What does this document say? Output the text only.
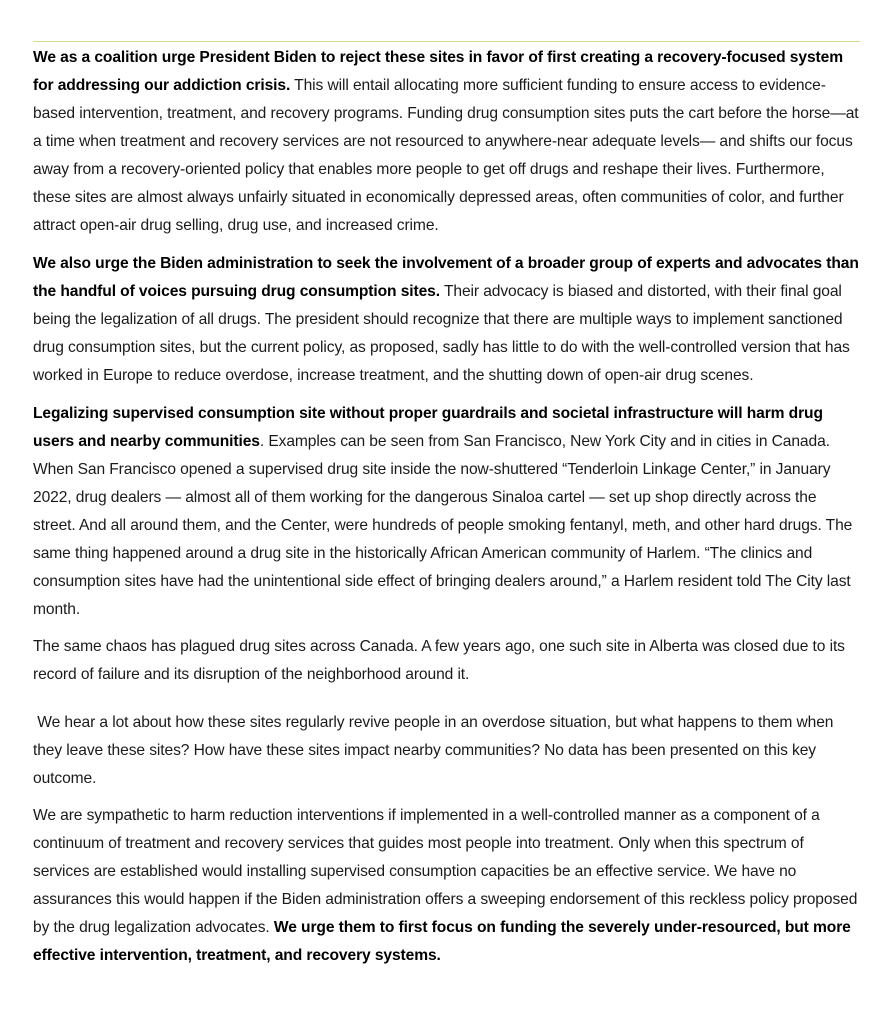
We as a coalition urge President Biden to reject these sites in favor of first creating a recovery-focused system for addressing our addiction crisis. This will entail allocating more sufficient funding to ensure access to evidence-based intervention, treatment, and recovery programs. Funding drug consumption sites puts the cart before the horse—at a time when treatment and recovery services are not resourced to anywhere-near adequate levels— and shifts our focus away from a recovery-oriented policy that enables more people to get off drugs and reshape their lives. Furthermore, these sites are almost always unfairly situated in economically depressed areas, often communities of color, and further attract open-air drug selling, drug use, and increased crime.

We also urge the Biden administration to seek the involvement of a broader group of experts and advocates than the handful of voices pursuing drug consumption sites. Their advocacy is biased and distorted, with their final goal being the legalization of all drugs. The president should recognize that there are multiple ways to implement sanctioned drug consumption sites, but the current policy, as proposed, sadly has little to do with the well-controlled version that has worked in Europe to reduce overdose, increase treatment, and the shutting down of open-air drug scenes.

Legalizing supervised consumption site without proper guardrails and societal infrastructure will harm drug users and nearby communities. Examples can be seen from San Francisco, New York City and in cities in Canada. When San Francisco opened a supervised drug site inside the now-shuttered “Tenderloin Linkage Center,” in January 2022, drug dealers — almost all of them working for the dangerous Sinaloa cartel — set up shop directly across the street. And all around them, and the Center, were hundreds of people smoking fentanyl, meth, and other hard drugs. The same thing happened around a drug site in the historically African American community of Harlem. “The clinics and consumption sites have had the unintentional side effect of bringing dealers around,” a Harlem resident told The City last month.

The same chaos has plagued drug sites across Canada. A few years ago, one such site in Alberta was closed due to its record of failure and its disruption of the neighborhood around it.

We hear a lot about how these sites regularly revive people in an overdose situation, but what happens to them when they leave these sites? How have these sites impact nearby communities? No data has been presented on this key outcome.

We are sympathetic to harm reduction interventions if implemented in a well-controlled manner as a component of a continuum of treatment and recovery services that guides most people into treatment. Only when this spectrum of services are established would installing supervised consumption capacities be an effective service. We have no assurances this would happen if the Biden administration offers a sweeping endorsement of this reckless policy proposed by the drug legalization advocates. We urge them to first focus on funding the severely under-resourced, but more effective intervention, treatment, and recovery systems.
